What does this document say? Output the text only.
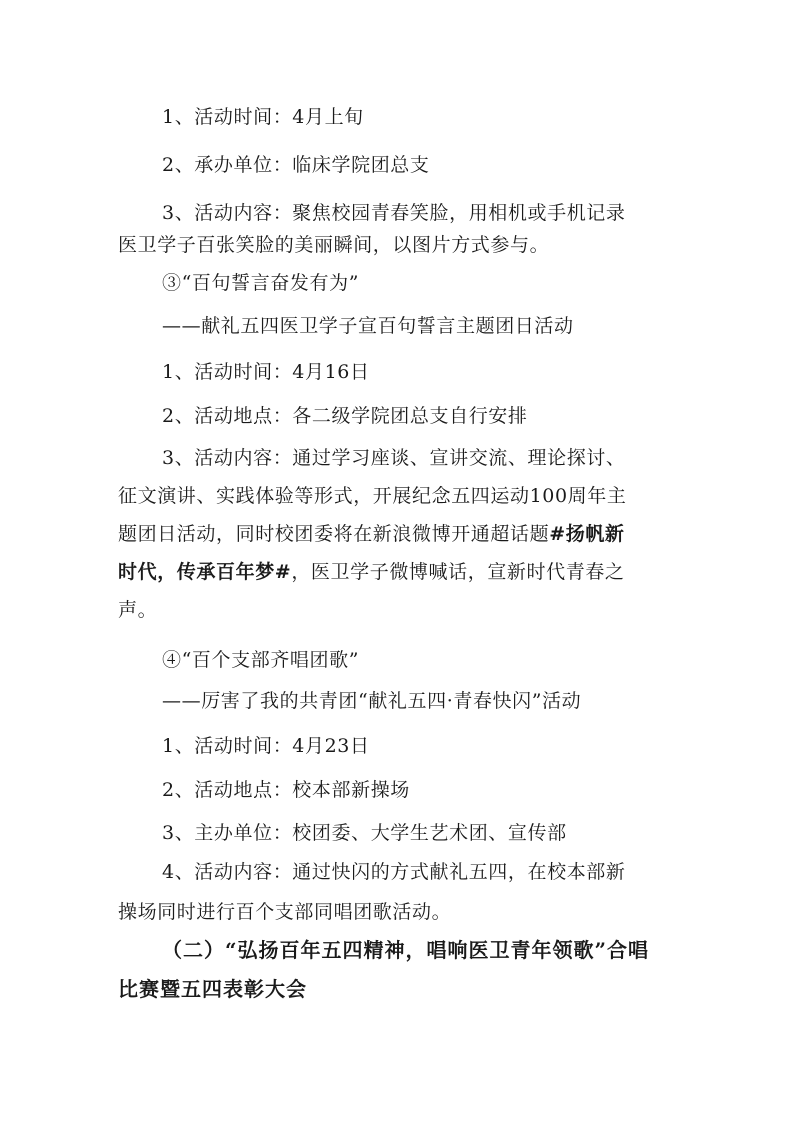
1、活动时间：4月上旬
2、承办单位：临床学院团总支
3、活动内容：聚焦校园青春笑脸，用相机或手机记录
医卫学子百张笑脸的美丽瞬间，以图片方式参与。
③“百句誓言奋发有为”
——献礼五四医卫学子宣百句誓言主题团日活动
1、活动时间：4月16日
2、活动地点：各二级学院团总支自行安排
3、活动内容：通过学习座谈、宣讲交流、理论探讨、
征文演讲、实践体验等形式，开展纪念五四运动100周年主
题团日活动，同时校团委将在新浪微博开通超话题#扬帆新
时代，传承百年梦#，医卫学子微博喊话，宣新时代青春之
声。
④“百个支部齐唱团歌”
——厉害了我的共青团“献礼五四·青春快闪”活动
1、活动时间：4月23日
2、活动地点：校本部新操场
3、主办单位：校团委、大学生艺术团、宣传部
4、活动内容：通过快闪的方式献礼五四，在校本部新
操场同时进行百个支部同唱团歌活动。
（二）“弘扬百年五四精神，唱响医卫青年领歌”合唱
比赛暨五四表彰大会
